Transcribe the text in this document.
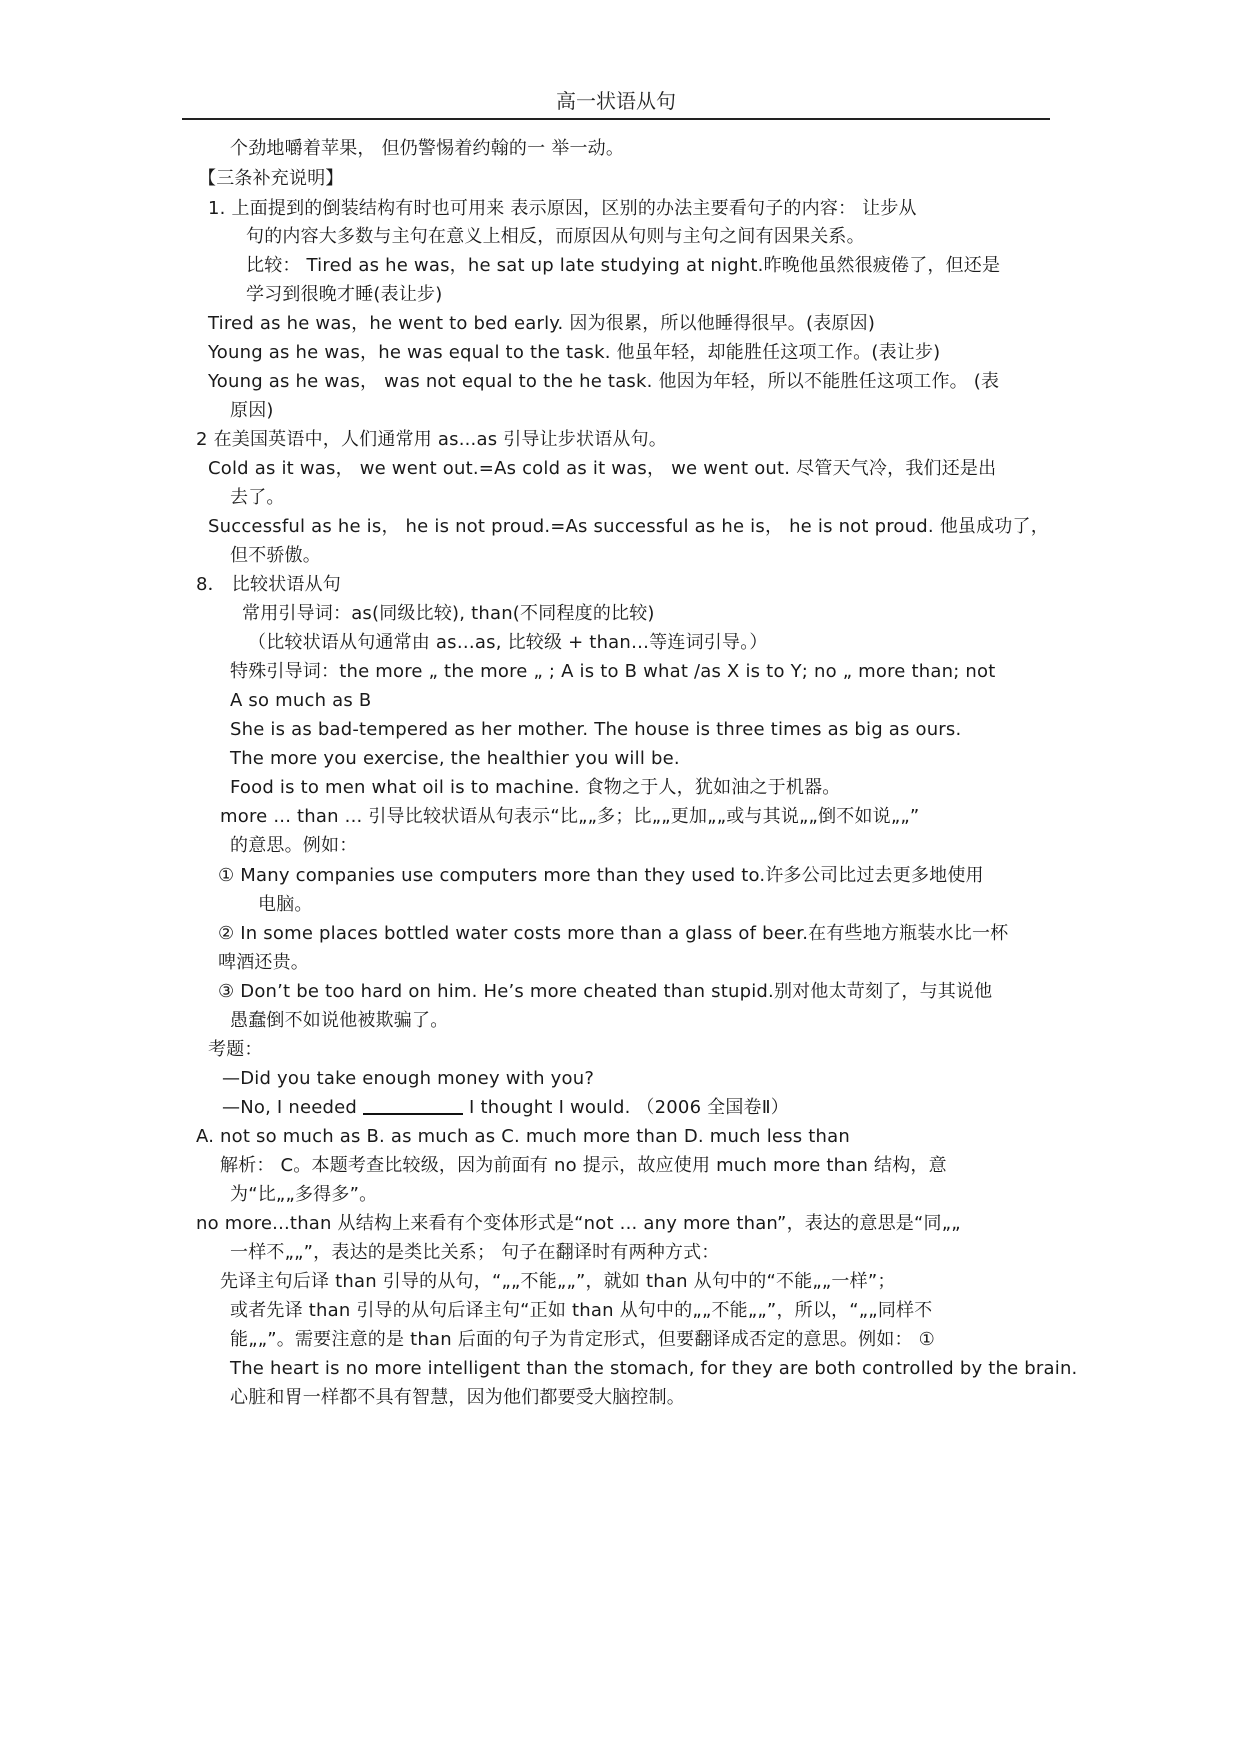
高一状语从句
个劲地嚼着苹果， 但仍警惕着约翰的一 举一动。
【三条补充说明】
1. 上面提到的倒装结构有时也可用来 表示原因，区别的办法主要看句子的内容： 让步从
句的内容大多数与主句在意义上相反，而原因从句则与主句之间有因果关系。
比较： Tired as he was，he sat up late studying at night.昨晚他虽然很疲倦了，但还是
学习到很晚才睡(表让步)
Tired as he was，he went to bed early. 因为很累，所以他睡得很早。(表原因)
Young as he was，he was equal to the task. 他虽年轻，却能胜任这项工作。(表让步)
Young as he was， was not equal to the he task. 他因为年轻，所以不能胜任这项工作。 (表
原因)
2 在美国英语中，人们通常用 as...as 引导让步状语从句。
Cold as it was， we went out.=As cold as it was， we went out. 尽管天气冷，我们还是出
去了。
Successful as he is， he is not proud.=As successful as he is， he is not proud. 他虽成功了，
但不骄傲。
8． 比较状语从句
常用引导词：as(同级比较), than(不同程度的比较)
（比较状语从句通常由 as…as, 比较级 + than…等连词引导。）
特殊引导词：the more „ the more „ ; A is to B what /as X is to Y; no „ more than; not
A so much as B
She is as bad-tempered as her mother. The house is three times as big as ours.
The more you exercise, the healthier you will be.
Food is to men what oil is to machine. 食物之于人，犹如油之于机器。
more ... than ... 引导比较状语从句表示“比„„多；比„„更加„„或与其说„„倒不如说„„”
的意思。例如：
① Many companies use computers more than they used to.许多公司比过去更多地使用
电脑。
② In some places bottled water costs more than a glass of beer.在有些地方瓶装水比一杯
啤酒还贵。
③ Don’t be too hard on him. He’s more cheated than stupid.别对他太苛刻了，与其说他
愚蠢倒不如说他被欺骗了。
考题：
—Did you take enough money with you?
—No, I needed	I thought I would. （2006 全国卷Ⅱ）
A. not so much as B. as much as C. much more than D. much less than
解析： C。本题考查比较级，因为前面有 no 提示，故应使用 much more than 结构，意
为“比„„多得多”。
no more...than 从结构上来看有个变体形式是“not ... any more than”，表达的意思是“同„„
一样不„„”，表达的是类比关系； 句子在翻译时有两种方式：
先译主句后译 than 引导的从句，“„„不能„„”，就如 than 从句中的“不能„„一样”；
或者先译 than 引导的从句后译主句“正如 than 从句中的„„不能„„”，所以，“„„同样不
能„„”。需要注意的是 than 后面的句子为肯定形式，但要翻译成否定的意思。例如： ①
The heart is no more intelligent than the stomach, for they are both controlled by the brain.
心脏和胃一样都不具有智慧，因为他们都要受大脑控制。
